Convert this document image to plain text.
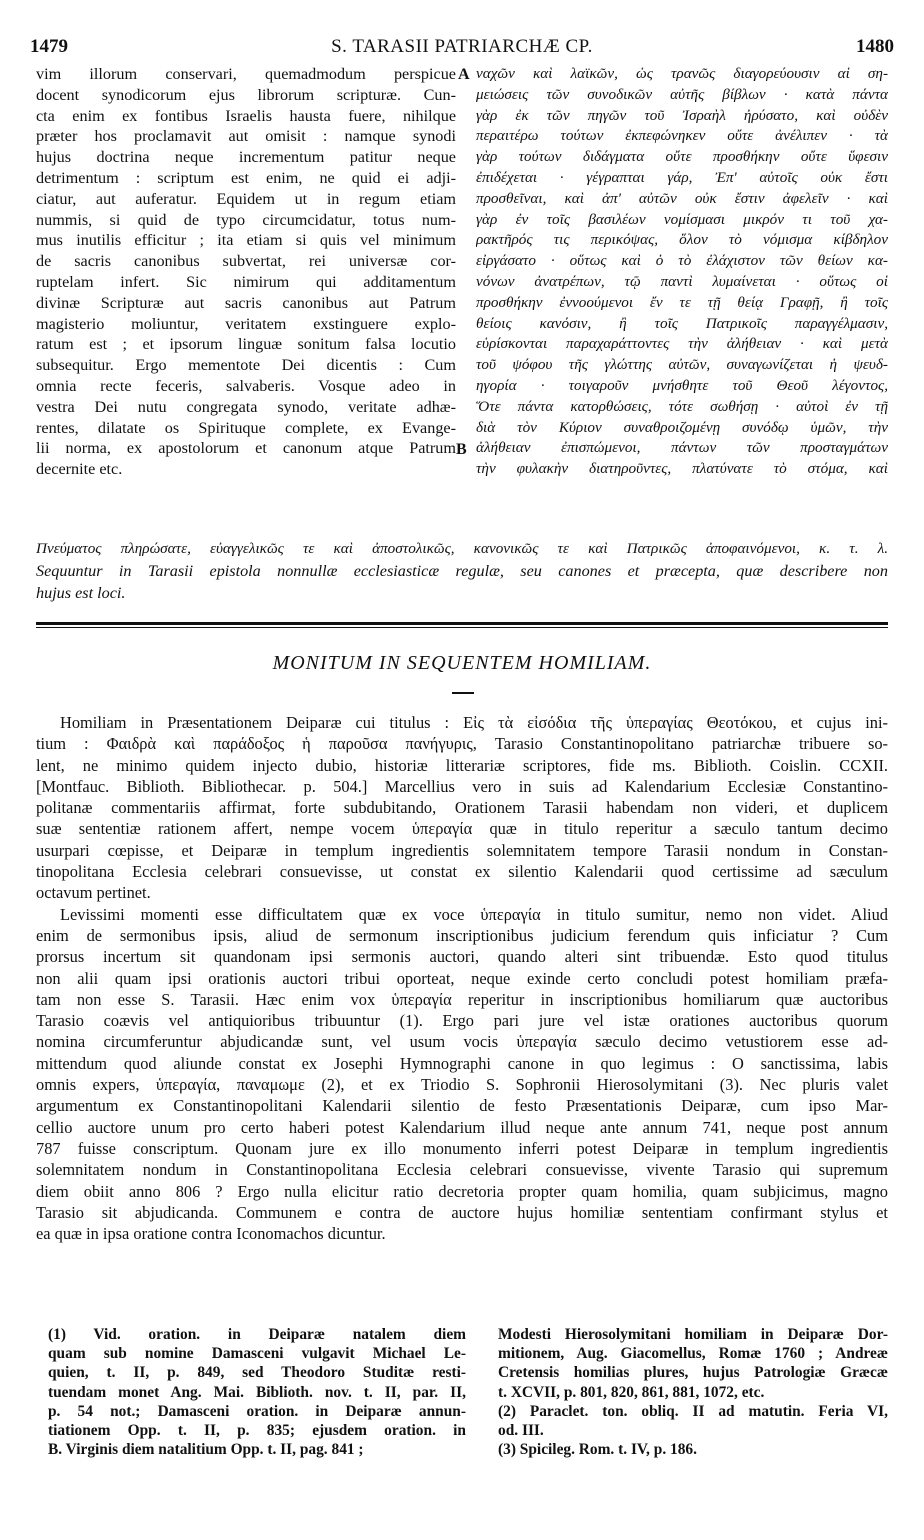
1479	S. TARASII PATRIARCHÆ CP.	1480
A
B
vim illorum conservari, quemadmodum perspicue
docent synodicorum ejus librorum scripturæ. Cun-
cta enim ex fontibus Israelis hausta fuere, nihilque
præter hos proclamavit aut omisit : namque synodi
hujus doctrina neque incrementum patitur neque
detrimentum : scriptum est enim, ne quid ei adji-
ciatur, aut auferatur. Equidem ut in regum etiam
nummis, si quid de typo circumcidatur, totus num-
mus inutilis efficitur ; ita etiam si quis vel minimum
de sacris canonibus subvertat, rei universæ cor-
ruptelam infert. Sic nimirum qui additamentum
divinæ Scripturæ aut sacris canonibus aut Patrum
magisterio moliuntur, veritatem exstinguere explo-
ratum est ; et ipsorum linguæ sonitum falsa locutio
subsequitur. Ergo mementote Dei dicentis : Cum
omnia recte feceris, salvaberis. Vosque adeo in
vestra Dei nutu congregata synodo, veritate adhæ-
rentes, dilatate os Spirituque complete, ex Evange-
lii norma, ex apostolorum et canonum atque Patrum
decernite etc.
ναχῶν καὶ λαϊκῶν, ὡς τρανῶς διαγορεύουσιν αἱ ση-
μειώσεις τῶν συνοδικῶν αὐτῆς βίβλων · κατὰ πάντα
γὰρ ἐκ τῶν πηγῶν τοῦ Ἰσραὴλ ἠρύσατο, καὶ οὐδὲν
περαιτέρω τούτων ἐκπεφώνηκεν οὔτε ἀνέλιπεν · τὰ
γὰρ τούτων διδάγματα οὔτε προσθήκην οὔτε ὕφεσιν
ἐπιδέχεται · γέγραπται γάρ, Ἐπ' αὐτοῖς οὐκ ἔστι
προσθεῖναι, καὶ ἀπ' αὐτῶν οὐκ ἔστιν ἀφελεῖν · καὶ
γὰρ ἐν τοῖς βασιλέων νομίσμασι μικρόν τι τοῦ χα-
ρακτῆρός τις περικόψας, ὅλον τὸ νόμισμα κίβδηλον
εἰργάσατο · οὕτως καὶ ὁ τὸ ἐλάχιστον τῶν θείων κα-
νόνων ἀνατρέπων, τῷ παντὶ λυμαίνεται · οὕτως οἱ
προσθήκην ἐννοούμενοι ἔν τε τῇ θείᾳ Γραφῇ, ἢ τοῖς
θείοις κανόσιν, ἢ τοῖς Πατρικοῖς παραγγέλμασιν,
εὑρίσκονται παραχαράττοντες τὴν ἀλήθειαν · καὶ μετὰ
τοῦ ψόφου τῆς γλώττης αὐτῶν, συναγωνίζεται ἡ ψευδ-
ηγορία · τοιγαροῦν μνήσθητε τοῦ Θεοῦ λέγοντος,
Ὅτε πάντα κατορθώσεις, τότε σωθήσῃ · αὐτοὶ ἐν τῇ
διὰ τὸν Κύριον συναθροιζομένῃ συνόδῳ ὑμῶν, τὴν
ἀλήθειαν ἐπισπώμενοι, πάντων τῶν προσταγμάτων
τὴν φυλακὴν διατηροῦντες, πλατύνατε τὸ στόμα, καὶ
Πνεύματος πληρώσατε, εὐαγγελικῶς τε καὶ ἀποστολικῶς, κανονικῶς τε καὶ Πατρικῶς ἀποφαινόμενοι, κ. τ. λ.
Sequuntur in Tarasii epistola nonnullæ ecclesiasticæ regulæ, seu canones et præcepta, quæ describere non
hujus est loci.
MONITUM IN SEQUENTEM HOMILIAM.
Homiliam in Præsentationem Deiparæ cui titulus : Εἰς τὰ εἰσόδια τῆς ὑπεραγίας Θεοτόκου, et cujus ini-
tium : Φαιδρὰ καὶ παράδοξος ἡ παροῦσα πανήγυρις, Tarasio Constantinopolitano patriarchæ tribuere so-
lent, ne minimo quidem injecto dubio, historiæ litterariæ scriptores, fide ms. Biblioth. Coislin. CCXII.
[Montfauc. Biblioth. Bibliothecar. p. 504.] Marcellius vero in suis ad Kalendarium Ecclesiæ Constantino-
politanæ commentariis affirmat, forte subdubitando, Orationem Tarasii habendam non videri, et duplicem
suæ sententiæ rationem affert, nempe vocem ὑπεραγία quæ in titulo reperitur a sæculo tantum decimo
usurpari cœpisse, et Deiparæ in templum ingredientis solemnitatem tempore Tarasii nondum in Constan-
tinopolitana Ecclesia celebrari consuevisse, ut constat ex silentio Kalendarii quod certissime ad sæculum
octavum pertinet.
Levissimi momenti esse difficultatem quæ ex voce ὑπεραγία in titulo sumitur, nemo non videt. Aliud
enim de sermonibus ipsis, aliud de sermonum inscriptionibus judicium ferendum quis inficiatur ? Cum
prorsus incertum sit quandonam ipsi sermonis auctori, quando alteri sint tribuendæ. Esto quod titulus
non alii quam ipsi orationis auctori tribui oporteat, neque exinde certo concludi potest homiliam præfa-
tam non esse S. Tarasii. Hæc enim vox ὑπεραγία reperitur in inscriptionibus homiliarum quæ auctoribus
Tarasio coævis vel antiquioribus tribuuntur (1). Ergo pari jure vel istæ orationes auctoribus quorum
nomina circumferuntur abjudicandæ sunt, vel usum vocis ὑπεραγία sæculo decimo vetustiorem esse ad-
mittendum quod aliunde constat ex Josephi Hymnographi canone in quo legimus : O sanctissima, labis
omnis expers, ὑπεραγία, παναμωμε (2), et ex Triodio S. Sophronii Hierosolymitani (3). Nec pluris valet
argumentum ex Constantinopolitani Kalendarii silentio de festo Præsentationis Deiparæ, cum ipso Mar-
cellio auctore unum pro certo haberi potest Kalendarium illud neque ante annum 741, neque post annum
787 fuisse conscriptum. Quonam jure ex illo monumento inferri potest Deiparæ in templum ingredientis
solemnitatem nondum in Constantinopolitana Ecclesia celebrari consuevisse, vivente Tarasio qui supremum
diem obiit anno 806 ? Ergo nulla elicitur ratio decretoria propter quam homilia, quam subjicimus, magno
Tarasio sit abjudicanda. Communem e contra de auctore hujus homiliæ sententiam confirmant stylus et
ea quæ in ipsa oratione contra Iconomachos dicuntur.
(1) Vid. oration. in Deiparæ natalem diem
quam sub nomine Damasceni vulgavit Michael Le-
quien, t. II, p. 849, sed Theodoro Studitæ resti-
tuendam monet Ang. Mai. Biblioth. nov. t. II, par. II,
p. 54 not.; Damasceni oration. in Deiparæ annun-
tiationem Opp. t. II, p. 835; ejusdem oration. in
B. Virginis diem natalitium Opp. t. II, pag. 841 ;
Modesti Hierosolymitani homiliam in Deiparæ Dor-
mitionem, Aug. Giacomellus, Romæ 1760 ; Andreæ
Cretensis homilias plures, hujus Patrologiæ Græcæ
t. XCVII, p. 801, 820, 861, 881, 1072, etc.
(2) Paraclet. ton. obliq. II ad matutin. Feria VI,
od. III.
(3) Spicileg. Rom. t. IV, p. 186.
